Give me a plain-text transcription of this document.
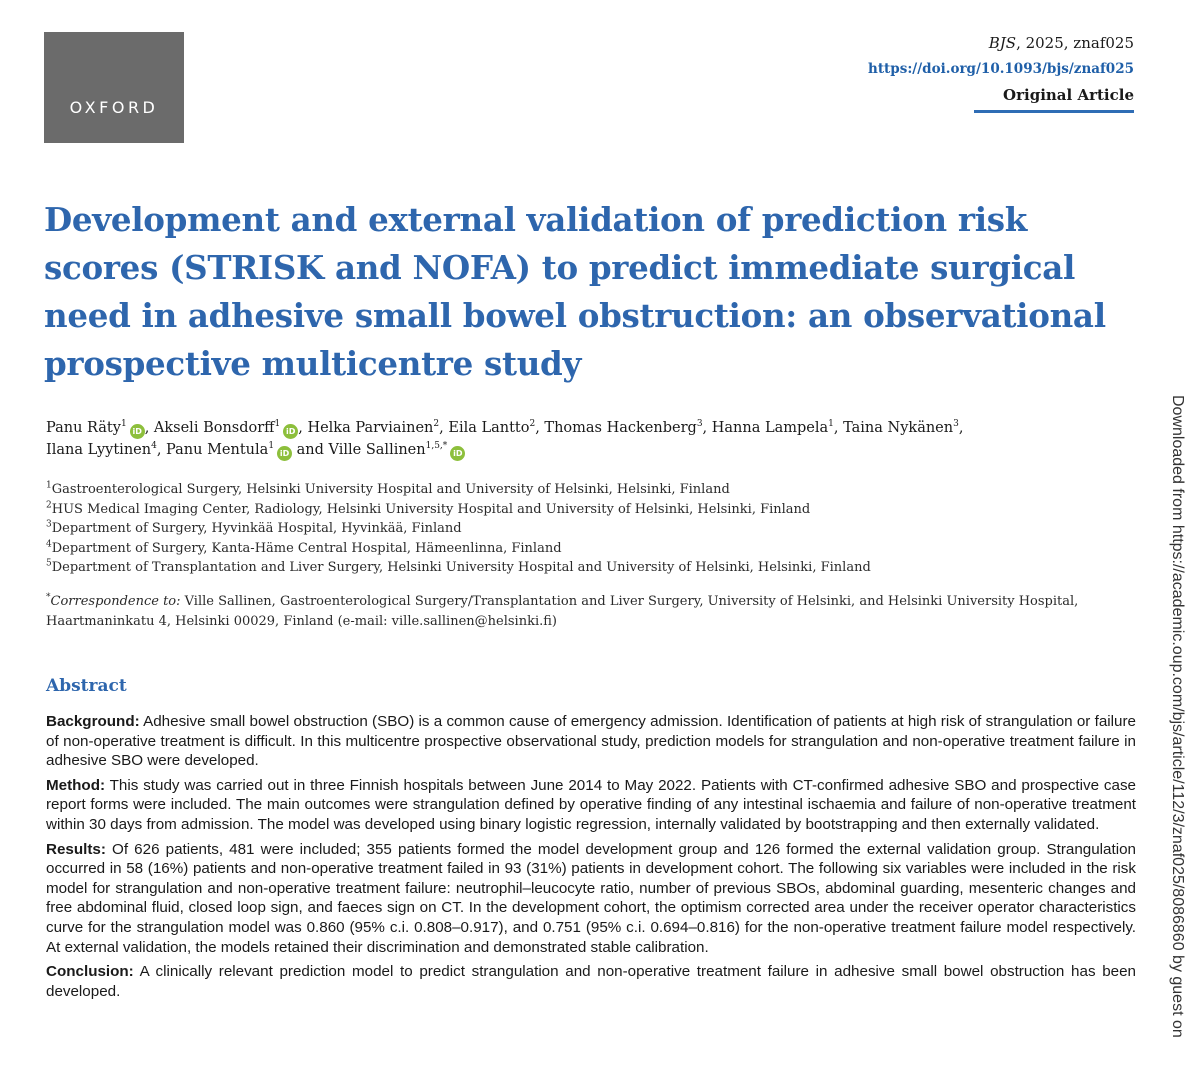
OXFORD
BJS, 2025, znaf025
https://doi.org/10.1093/bjs/znaf025
Original Article
Development and external validation of prediction risk scores (STRISK and NOFA) to predict immediate surgical need in adhesive small bowel obstruction: an observational prospective multicentre study
Panu Räty$^1$iD , Akseli Bonsdorff$^1$iD , Helka Parviainen$^2$, Eila Lantto$^2$, Thomas Hackenberg$^3$, Hanna Lampela$^1$, Taina Nykänen$^3$,
Ilana Lyytinen$^4$, Panu Mentula$^1$iD and Ville Sallinen$^{1,5,*}$iD
$^1$Gastroenterological Surgery, Helsinki University Hospital and University of Helsinki, Helsinki, Finland
$^2$HUS Medical Imaging Center, Radiology, Helsinki University Hospital and University of Helsinki, Helsinki, Finland
$^3$Department of Surgery, Hyvinkää Hospital, Hyvinkää, Finland
$^4$Department of Surgery, Kanta-Häme Central Hospital, Hämeenlinna, Finland
$^5$Department of Transplantation and Liver Surgery, Helsinki University Hospital and University of Helsinki, Helsinki, Finland
*Correspondence to: Ville Sallinen, Gastroenterological Surgery/Transplantation and Liver Surgery, University of Helsinki, and Helsinki University Hospital, Haartmaninkatu 4, Helsinki 00029, Finland (e-mail: ville.sallinen@helsinki.fi)
Abstract

Background: Adhesive small bowel obstruction (SBO) is a common cause of emergency admission. Identification of patients at high risk of strangulation or failure of non-operative treatment is difficult. In this multicentre prospective observational study, prediction models for strangulation and non-operative treatment failure in adhesive SBO were developed.

Method: This study was carried out in three Finnish hospitals between June 2014 to May 2022. Patients with CT-confirmed adhesive SBO and prospective case report forms were included. The main outcomes were strangulation defined by operative finding of any intestinal ischaemia and failure of non-operative treatment within 30 days from admission. The model was developed using binary logistic regression, internally validated by bootstrapping and then externally validated.

Results: Of 626 patients, 481 were included; 355 patients formed the model development group and 126 formed the external validation group. Strangulation occurred in 58 (16%) patients and non-operative treatment failed in 93 (31%) patients in development cohort. The following six variables were included in the risk model for strangulation and non-operative treatment failure: neutrophil–leucocyte ratio, number of previous SBOs, abdominal guarding, mesenteric changes and free abdominal fluid, closed loop sign, and faeces sign on CT. In the development cohort, the optimism corrected area under the receiver operator characteristics curve for the strangulation model was 0.860 (95% c.i. 0.808–0.917), and 0.751 (95% c.i. 0.694–0.816) for the non-operative treatment failure model respectively. At external validation, the models retained their discrimination and demonstrated stable calibration.

Conclusion: A clinically relevant prediction model to predict strangulation and non-operative treatment failure in adhesive small bowel obstruction has been developed.	Downloaded from https://academic.oup.com/bjs/article/112/3/znaf025/8086860 by guest on
